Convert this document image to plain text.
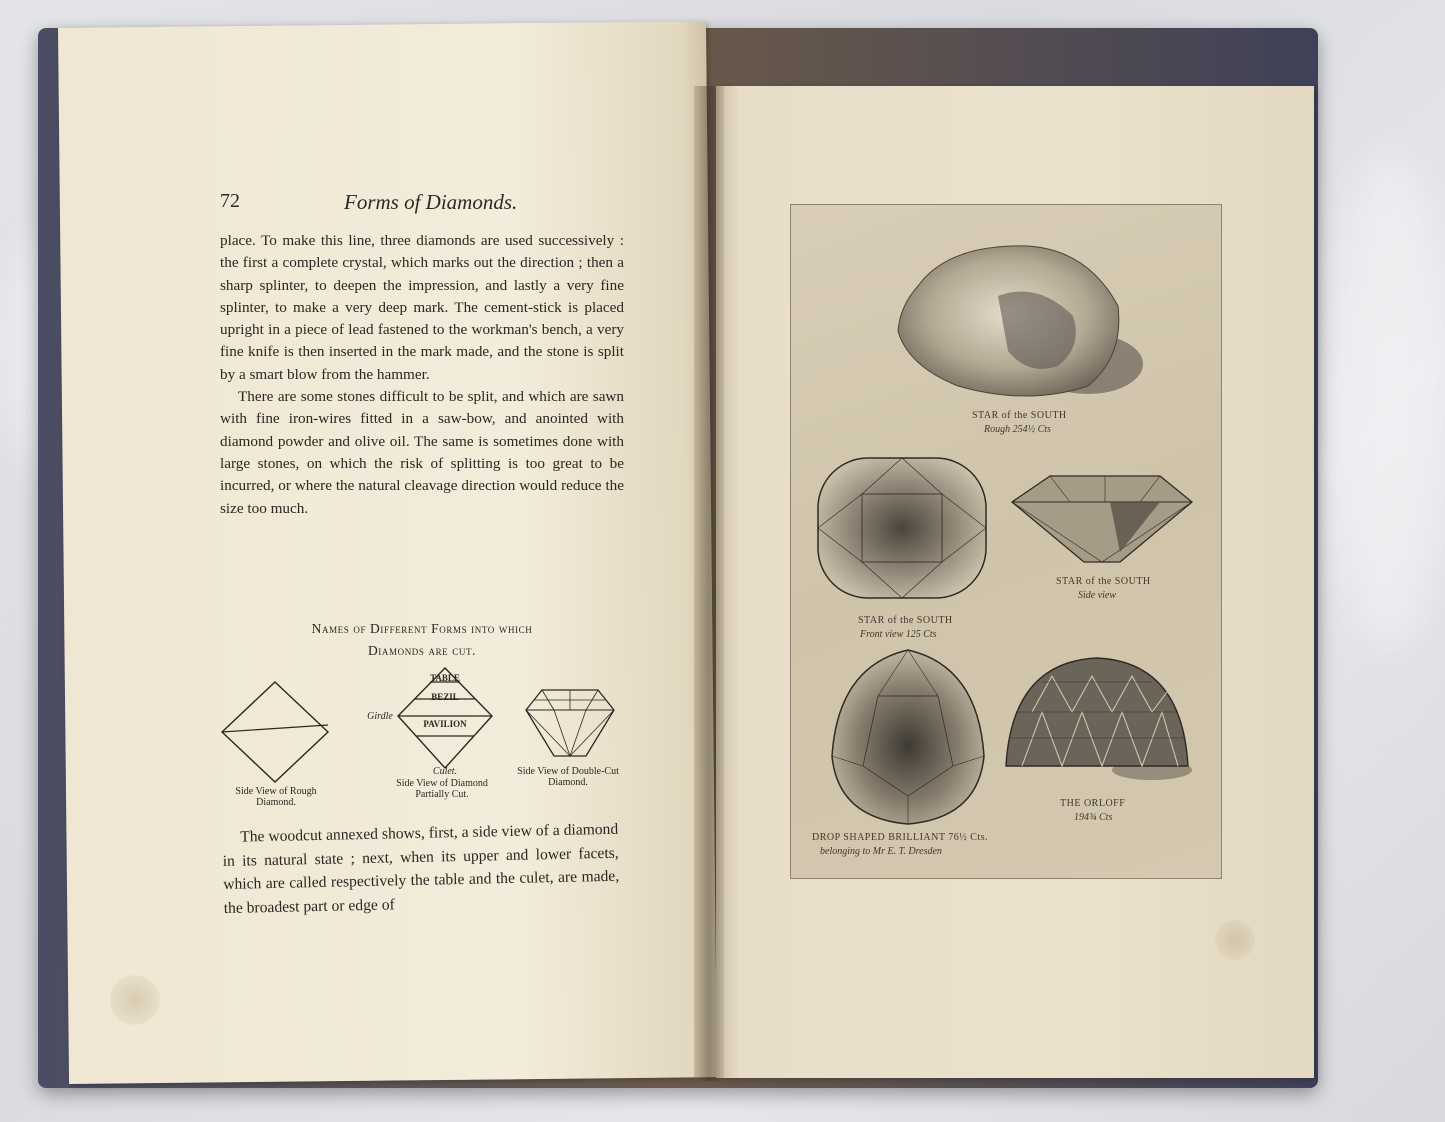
72	Forms of Diamonds.

place. To make this line, three diamonds are used successively : the first a complete crystal, which marks out the direction ; then a sharp splinter, to deepen the impression, and lastly a very fine splinter, to make a very deep mark. The cement-stick is placed upright in a piece of lead fastened to the workman's bench, a very fine knife is then inserted in the mark made, and the stone is split by a smart blow from the hammer.

There are some stones difficult to be split, and which are sawn with fine iron-wires fitted in a saw-bow, and anointed with diamond powder and olive oil. The same is sometimes done with large stones, on which the risk of splitting is too great to be incurred, or where the natural cleavage direction would reduce the size too much.

Names of Different Forms into which
Diamonds are cut.
Side View of Rough Diamond.
TABLE
BEZIL
PAVILION
Girdle
Culet.
Side View of Diamond Partially Cut.
Side View of Double-Cut Diamond.

The woodcut annexed shows, first, a side view of a diamond in its natural state ; next, when its upper and lower facets, which are called respectively the table and the culet, are made, the broadest part or edge of

STAR of the SOUTH
Rough 254½ Cts
STAR of the SOUTH
Front view 125 Cts
STAR of the SOUTH
Side view
DROP SHAPED BRILLIANT 76½ Cts.
belonging to Mr E. T. Dresden
THE ORLOFF
194¾ Cts
